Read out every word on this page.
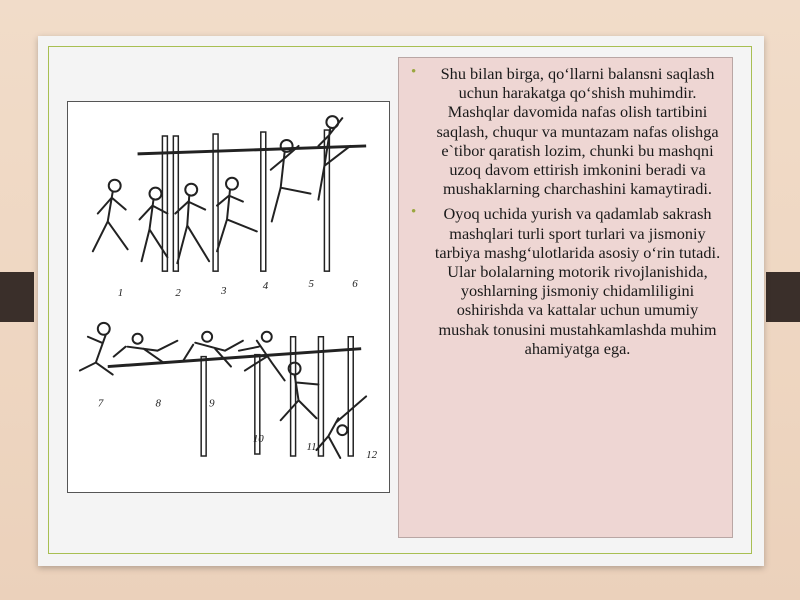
1	2	3	4	5	6
7	8	9
10
11
12

• Shu bilan birga, qo‘llarni balansni saqlash uchun harakatga qo‘shish muhimdir. Mashqlar davomida nafas olish tartibini saqlash, chuqur va muntazam nafas olishga e`tibor qaratish lozim, chunki bu mashqni uzoq davom ettirish imkonini beradi va mushaklarning charchashini kamaytiradi.

• Oyoq uchida yurish va qadamlab sakrash mashqlari turli sport turlari va jismoniy tarbiya mashg‘ulotlarida asosiy o‘rin tutadi. Ular bolalarning motorik rivojlanishida, yoshlarning jismoniy chidamliligini oshirishda va kattalar uchun umumiy mushak tonusini mustahkamlashda muhim ahamiyatga ega.
